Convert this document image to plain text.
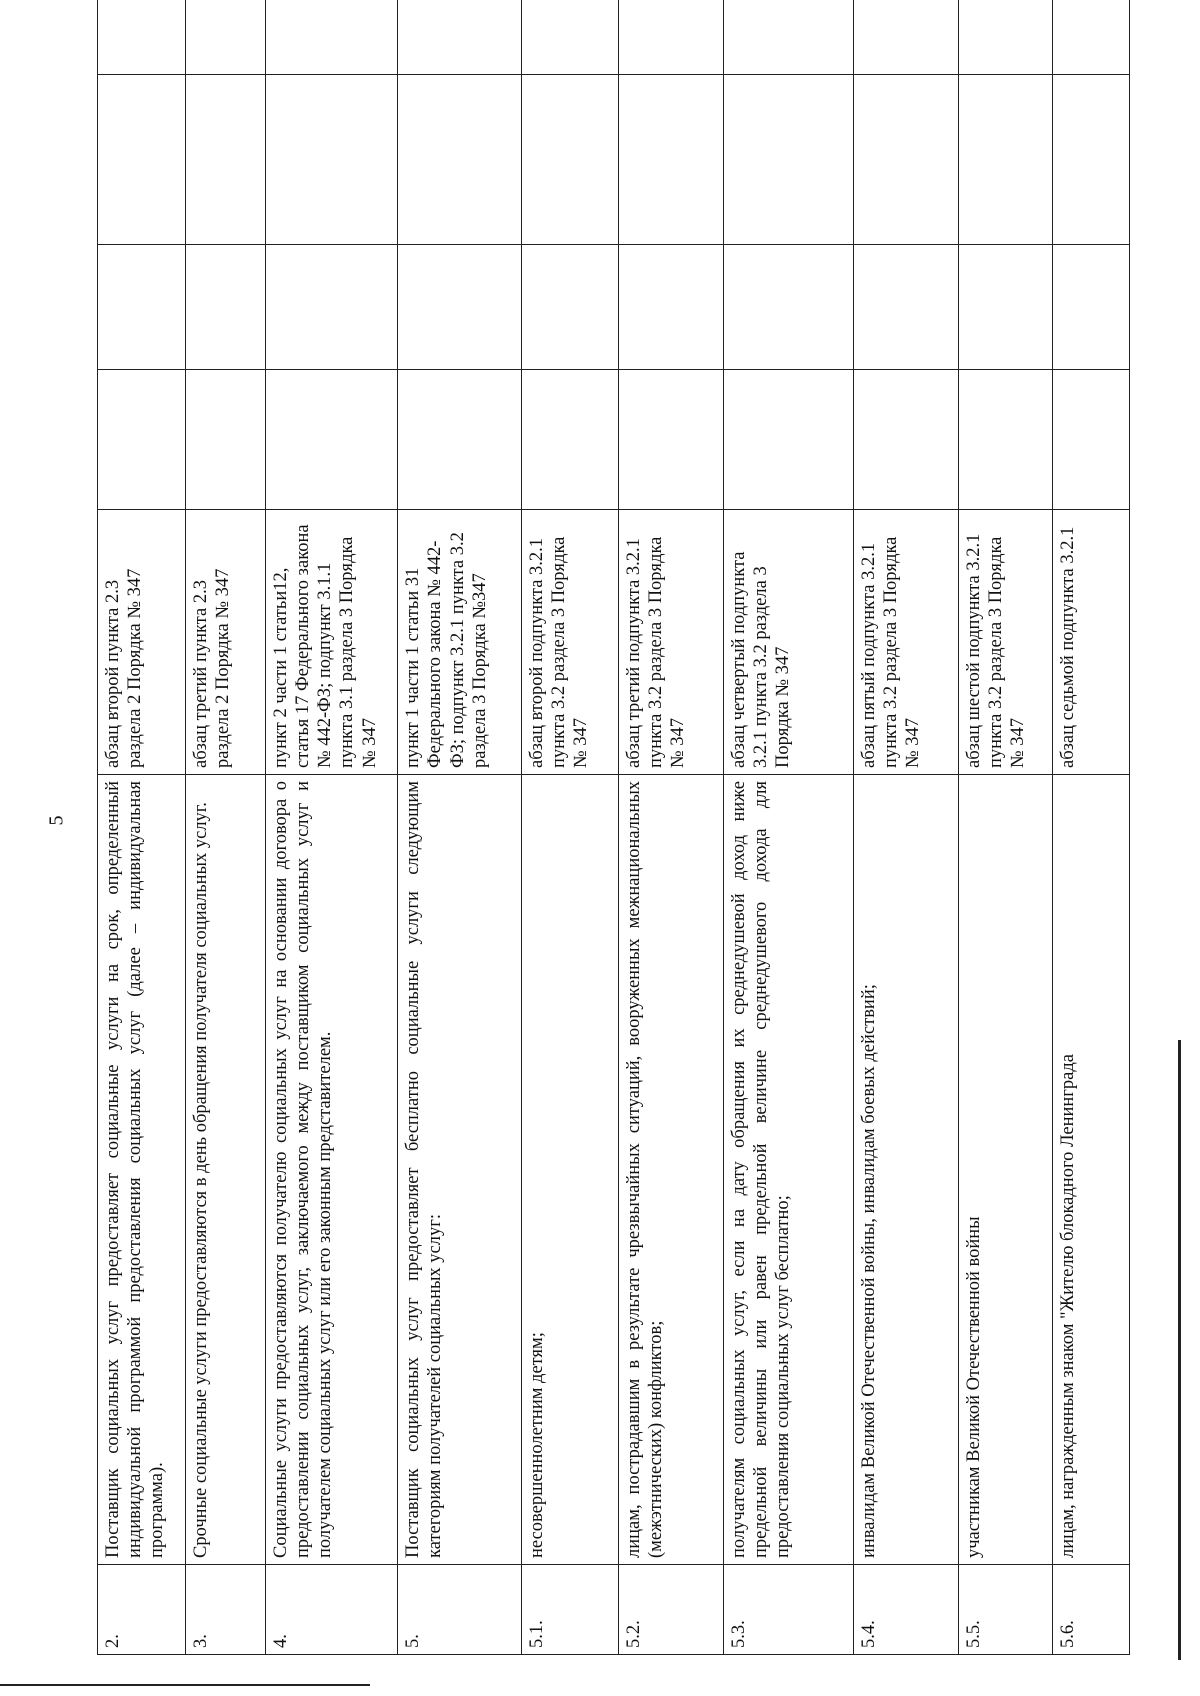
5
2.	Поставщик социальных услуг предоставляет социальные услуги на срок, определенный индивидуальной программой предоставления социальных услуг (далее – индивидуальная программа).	абзац второй пункта 2.3 раздела 2 Порядка № 347				
3.	Срочные социальные услуги предоставляются в день обращения получателя социальных услуг.	абзац третий пункта 2.3 раздела 2 Порядка № 347				
4.	Социальные услуги предоставляются получателю социальных услуг на основании договора о предоставлении социальных услуг, заключаемого между поставщиком социальных услуг и получателем социальных услуг или его законным представителем.	пункт 2 части 1 статьи12, статья 17 Федерального закона № 442-ФЗ; подпункт 3.1.1 пункта 3.1 раздела 3 Порядка № 347				
5.	Поставщик социальных услуг предоставляет бесплатно социальные услуги следующим категориям получателей социальных услуг:	пункт 1 части 1 статьи 31 Федерального закона № 442-ФЗ; подпункт 3.2.1 пункта 3.2 раздела 3 Порядка №347				
5.1.	несовершеннолетним детям;	абзац второй подпункта 3.2.1 пункта 3.2 раздела 3 Порядка № 347				
5.2.	лицам, пострадавшим в результате чрезвычайных ситуаций, вооруженных межнациональных (межэтнических) конфликтов;	абзац третий подпункта 3.2.1 пункта 3.2 раздела 3 Порядка № 347				
5.3.	получателям социальных услуг, если на дату обращения их среднедушевой доход ниже предельной величины или равен предельной величине среднедушевого дохода для предоставления социальных услуг бесплатно;	абзац четвертый подпункта 3.2.1 пункта 3.2 раздела 3 Порядка № 347				
5.4.	инвалидам Великой Отечественной войны, инвалидам боевых действий;	абзац пятый подпункта 3.2.1 пункта 3.2 раздела 3 Порядка № 347				
5.5.	участникам Великой Отечественной войны	абзац шестой подпункта 3.2.1 пункта 3.2 раздела 3 Порядка № 347				
5.6.	лицам, награжденным знаком "Жителю блокадного Ленинграда	абзац седьмой подпункта 3.2.1				
